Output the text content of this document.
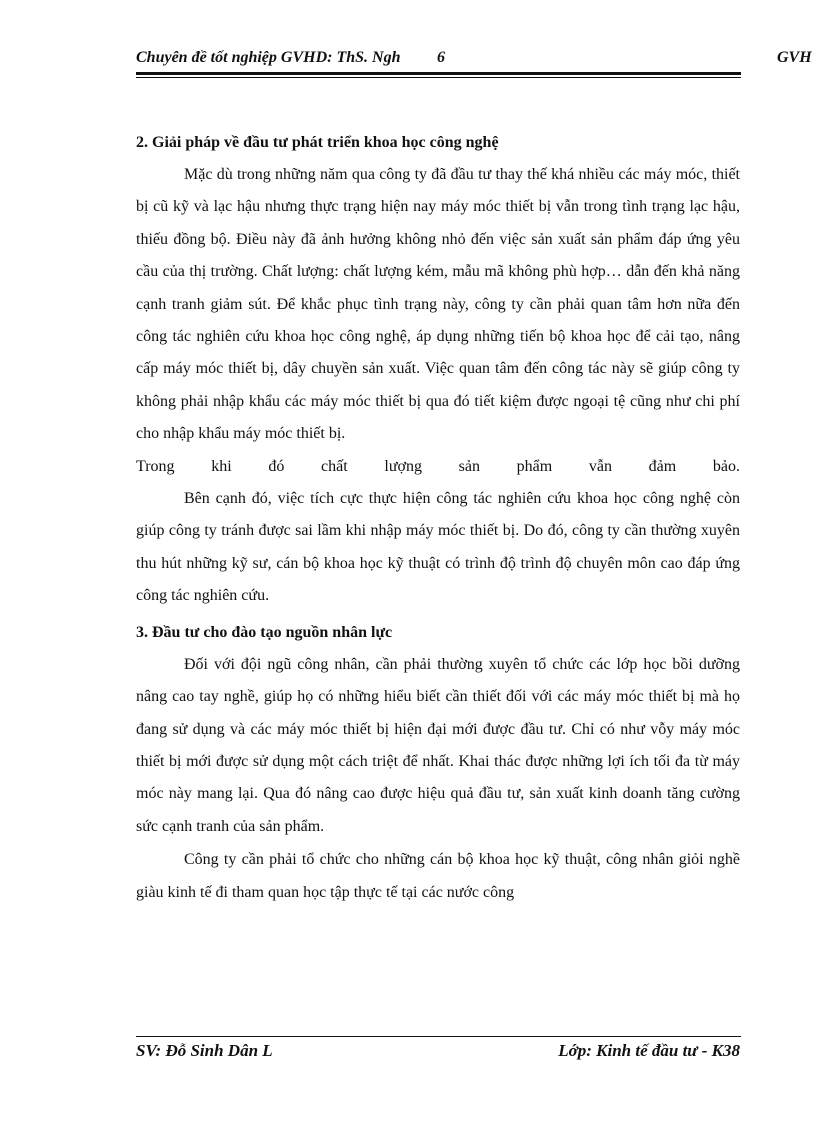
Chuyên đề tốt nghiệp GVHD: ThS. Ngh 6	GVH

2. Giải pháp về đầu tư phát triển khoa học công nghệ

Mặc dù trong những năm qua công ty đã đầu tư thay thế khá nhiều các máy móc, thiết bị cũ kỹ và lạc hậu nhưng thực trạng hiện nay máy móc thiết bị vẫn trong tình trạng lạc hậu, thiếu đồng bộ. Điều này đã ảnh hưởng không nhỏ đến việc sản xuất sản phẩm đáp ứng yêu cầu của thị trường. Chất lượng: chất lượng kém, mẫu mã không phù hợp… dẫn đến khả năng cạnh tranh giảm sút. Để khắc phục tình trạng này, công ty cần phải quan tâm hơn nữa đến công tác nghiên cứu khoa học công nghệ, áp dụng những tiến bộ khoa học để cải tạo, nâng cấp máy móc thiết bị, dây chuyền sản xuất. Việc quan tâm đến công tác này sẽ giúp công ty không phải nhập khẩu các máy móc thiết bị qua đó tiết kiệm được ngoại tệ cũng như chi phí cho nhập khẩu máy móc thiết bị.

Trong khi đó chất lượng sản phẩm vẫn đảm bảo.

Bên cạnh đó, việc tích cực thực hiện công tác nghiên cứu khoa học công nghệ còn giúp công ty tránh được sai lầm khi nhập máy móc thiết bị. Do đó, công ty cần thường xuyên thu hút những kỹ sư, cán bộ khoa học kỹ thuật có trình độ trình độ chuyên môn cao đáp ứng công tác nghiên cứu.

3. Đầu tư cho đào tạo nguồn nhân lực

Đối với đội ngũ công nhân, cần phải thường xuyên tổ chức các lớp học bồi dưỡng nâng cao tay nghề, giúp họ có những hiểu biết cần thiết đối với các máy móc thiết bị mà họ đang sử dụng và các máy móc thiết bị hiện đại mới được đầu tư. Chỉ có như vỗy máy móc thiết bị mới được sử dụng một cách triệt để nhất. Khai thác được những lợi ích tối đa từ máy móc này mang lại. Qua đó nâng cao được hiệu quả đầu tư, sản xuất kinh doanh tăng cường sức cạnh tranh của sản phẩm.

Công ty cần phải tổ chức cho những cán bộ khoa học kỹ thuật, công nhân giỏi nghề giàu kinh tế đi tham quan học tập thực tế tại các nước công

SV: Đỗ Sinh Dân L	Lớp: Kinh tế đầu tư - K38
